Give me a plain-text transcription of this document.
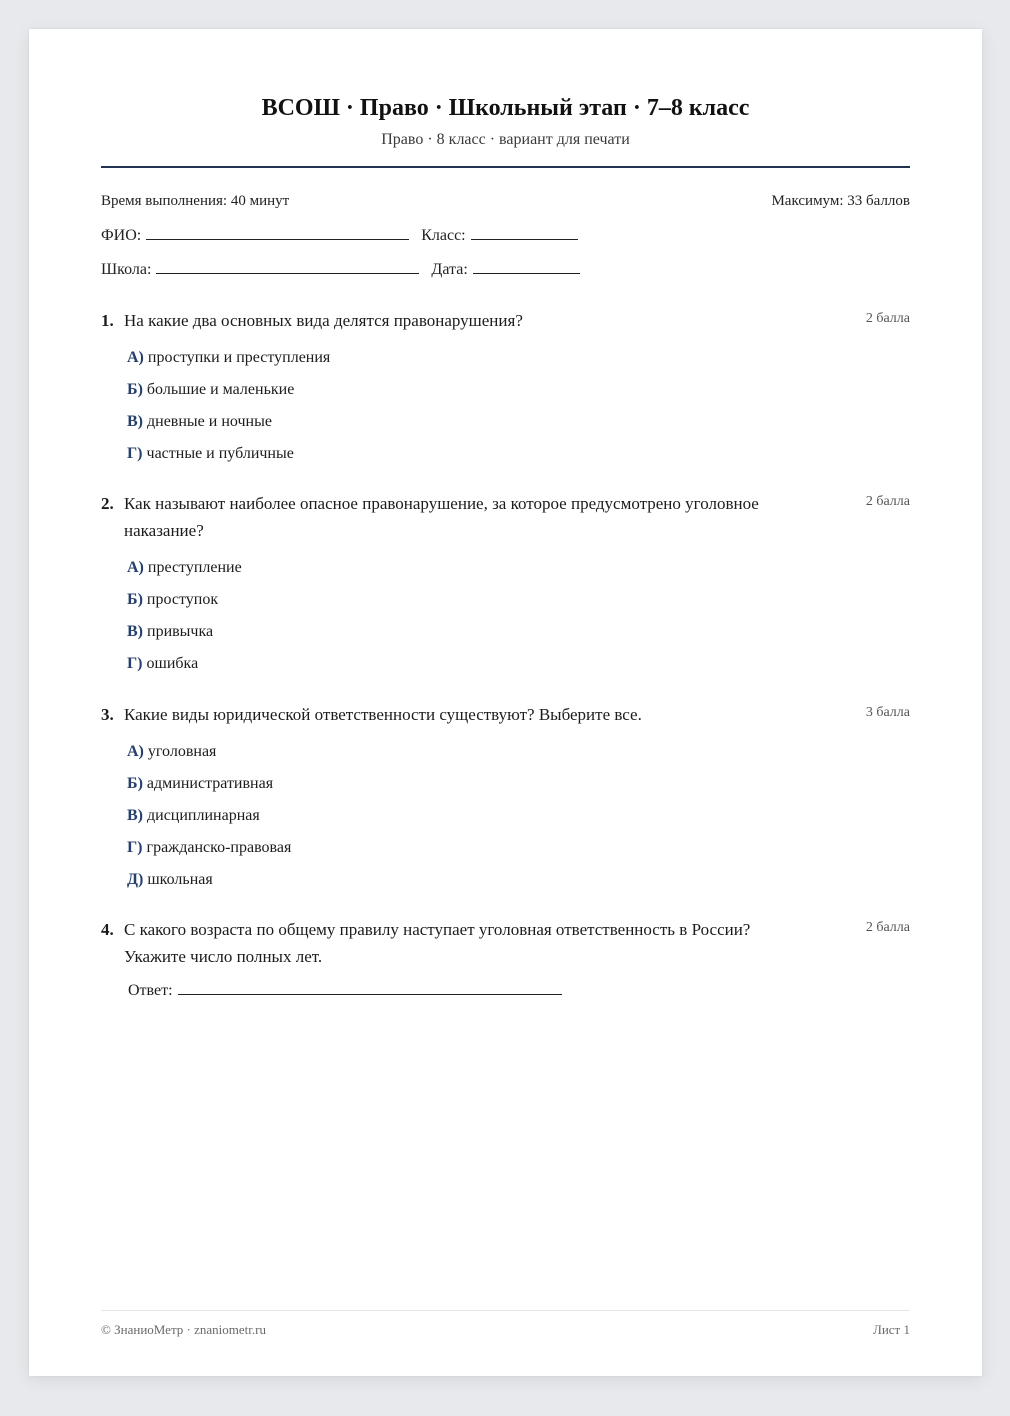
ВСОШ · Право · Школьный этап · 7–8 класс
Право · 8 класс · вариант для печати
Время выполнения: 40 минут	Максимум: 33 баллов
ФИО:	Класс:
Школа:	Дата:
1. На какие два основных вида делятся правонарушения?	2 балла
А) проступки и преступления
Б) большие и маленькие
В) дневные и ночные
Г) частные и публичные
2. Как называют наиболее опасное правонарушение, за которое предусмотрено уголовное наказание?
2 балла
А) преступление
Б) проступок
В) привычка
Г) ошибка
3. Какие виды юридической ответственности существуют? Выберите все.	3 балла
А) уголовная
Б) административная
В) дисциплинарная
Г) гражданско-правовая
Д) школьная
4. С какого возраста по общему правилу наступает уголовная ответственность в России? Укажите число полных лет.
2 балла
Ответ:
© ЗнаниоМетр · znaniometr.ru	Лист 1
